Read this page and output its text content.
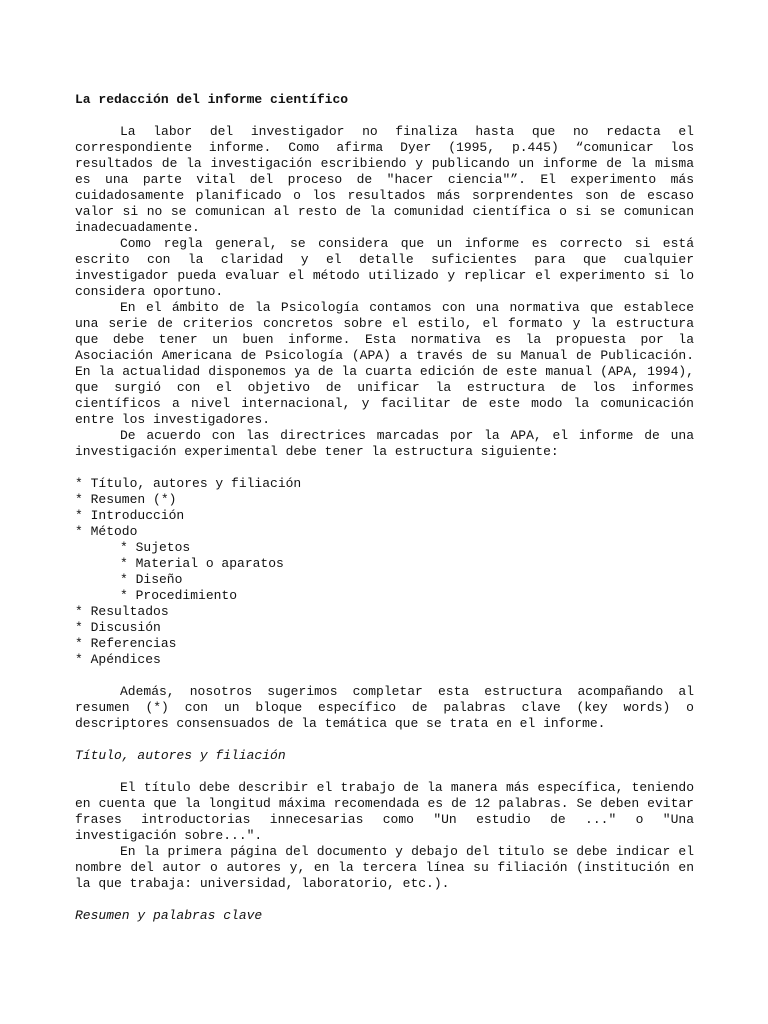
La redacción del informe científico

La labor del investigador no finaliza hasta que no redacta el correspondiente informe. Como afirma Dyer (1995, p.445) “comunicar los resultados de la investigación escribiendo y publicando un informe de la misma es una parte vital del proceso de "hacer ciencia"”. El experimento más cuidadosamente planificado o los resultados más sorprendentes son de escaso valor si no se comunican al resto de la comunidad científica o si se comunican inadecuadamente.

Como regla general, se considera que un informe es correcto si está escrito con la claridad y el detalle suficientes para que cualquier investigador pueda evaluar el método utilizado y replicar el experimento si lo considera oportuno.

En el ámbito de la Psicología contamos con una normativa que establece una serie de criterios concretos sobre el estilo, el formato y la estructura que debe tener un buen informe. Esta normativa es la propuesta por la Asociación Americana de Psicología (APA) a través de su Manual de Publicación. En la actualidad disponemos ya de la cuarta edición de este manual (APA, 1994), que surgió con el objetivo de unificar la estructura de los informes científicos a nivel internacional, y facilitar de este modo la comunicación entre los investigadores.

De acuerdo con las directrices marcadas por la APA, el informe de una investigación experimental debe tener la estructura siguiente:

* Título, autores y filiación
* Resumen (*)
* Introducción
* Método
* Sujetos
* Material o aparatos
* Diseño
* Procedimiento
* Resultados
* Discusión
* Referencias
* Apéndices

Además, nosotros sugerimos completar esta estructura acompañando al resumen (*) con un bloque específico de palabras clave (key words) o descriptores consensuados de la temática que se trata en el informe.

Título, autores y filiación

El título debe describir el trabajo de la manera más específica, teniendo en cuenta que la longitud máxima recomendada es de 12 palabras. Se deben evitar frases introductorias innecesarias como "Un estudio de ..." o "Una investigación sobre...".

En la primera página del documento y debajo del titulo se debe indicar el nombre del autor o autores y, en la tercera línea su filiación (institución en la que trabaja: universidad, laboratorio, etc.).

Resumen y palabras clave
